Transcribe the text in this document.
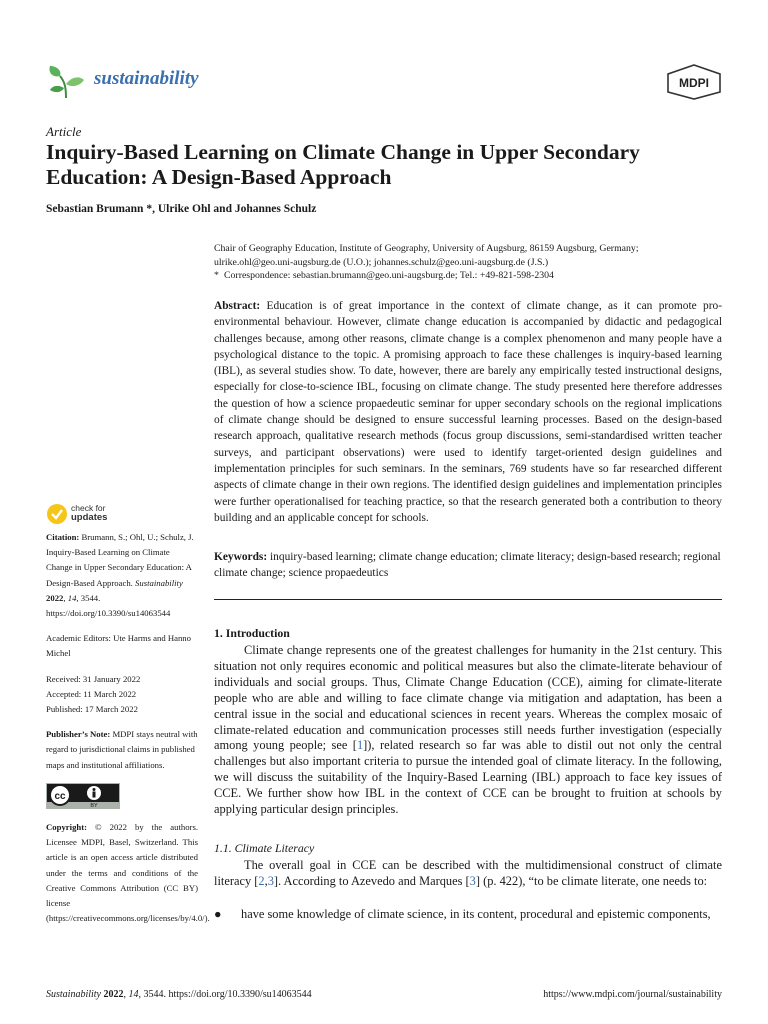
sustainability	MDPI
Article
Inquiry-Based Learning on Climate Change in Upper Secondary Education: A Design-Based Approach
Sebastian Brumann *, Ulrike Ohl and Johannes Schulz
Chair of Geography Education, Institute of Geography, University of Augsburg, 86159 Augsburg, Germany;
ulrike.ohl@geo.uni-augsburg.de (U.O.); johannes.schulz@geo.uni-augsburg.de (J.S.)
* Correspondence: sebastian.brumann@geo.uni-augsburg.de; Tel.: +49-821-598-2304

Abstract: Education is of great importance in the context of climate change, as it can promote pro-environmental behaviour. However, climate change education is accompanied by didactic and pedagogical challenges because, among other reasons, climate change is a complex phenomenon and many people have a psychological distance to the topic. A promising approach to face these challenges is inquiry-based learning (IBL), as several studies show. To date, however, there are barely any empirically tested instructional designs, especially for close-to-science IBL, focusing on climate change. The study presented here therefore addresses the question of how a science propaedeutic seminar for upper secondary schools on the regional implications of climate change should be designed to ensure successful learning processes. Based on the design-based research approach, qualitative research methods (focus group discussions, semi-standardised written teacher surveys, and participant observations) were used to identify target-oriented design guidelines and implementation principles for such seminars. In the seminars, 769 students have so far researched different aspects of climate change in their own regions. The identified design guidelines and implementation principles were further operationalised for teaching practice, so that the research generated both a contribution to theory building and an applicable concept for schools.

Keywords: inquiry-based learning; climate change education; climate literacy; design-based research; regional climate change; science propaedeutics

check for
updates
Citation: Brumann, S.; Ohl, U.; Schulz, J. Inquiry-Based Learning on Climate Change in Upper Secondary Education: A Design-Based Approach. Sustainability 2022, 14, 3544. https://doi.org/10.3390/su14063544
Academic Editors: Ute Harms and Hanno Michel
Received: 31 January 2022
Accepted: 11 March 2022
Published: 17 March 2022
Publisher’s Note: MDPI stays neutral with regard to jurisdictional claims in published maps and institutional affiliations.
cc
BY
Copyright: © 2022 by the authors. Licensee MDPI, Basel, Switzerland. This article is an open access article distributed under the terms and conditions of the Creative Commons Attribution (CC BY) license (https://creativecommons.org/licenses/by/4.0/).
1. Introduction

Climate change represents one of the greatest challenges for humanity in the 21st century. This situation not only requires economic and political measures but also the climate-literate behaviour of individuals and social groups. Thus, Climate Change Education (CCE), aiming for climate-literate people who are able and willing to face climate change via mitigation and adaptation, has been a central issue in the social and educational sciences in recent years. Whereas the complex mosaic of climate-related education and communication processes still needs further investigation (especially among young people; see [1]), related research so far was able to distil out not only the central challenges but also important criteria to pursue the intended goal of climate literacy. In the following, we will discuss the suitability of the Inquiry-Based Learning (IBL) approach to face key issues of CCE. We further show how IBL in the context of CCE can be brought to fruition at schools by applying particular design principles.

1.1. Climate Literacy

The overall goal in CCE can be described with the multidimensional construct of climate literacy [2,3]. According to Azevedo and Marques [3] (p. 422), “to be climate literate, one needs to:

● have some knowledge of climate science, in its content, procedural and epistemic components,
Sustainability 2022, 14, 3544. https://doi.org/10.3390/su14063544	https://www.mdpi.com/journal/sustainability
